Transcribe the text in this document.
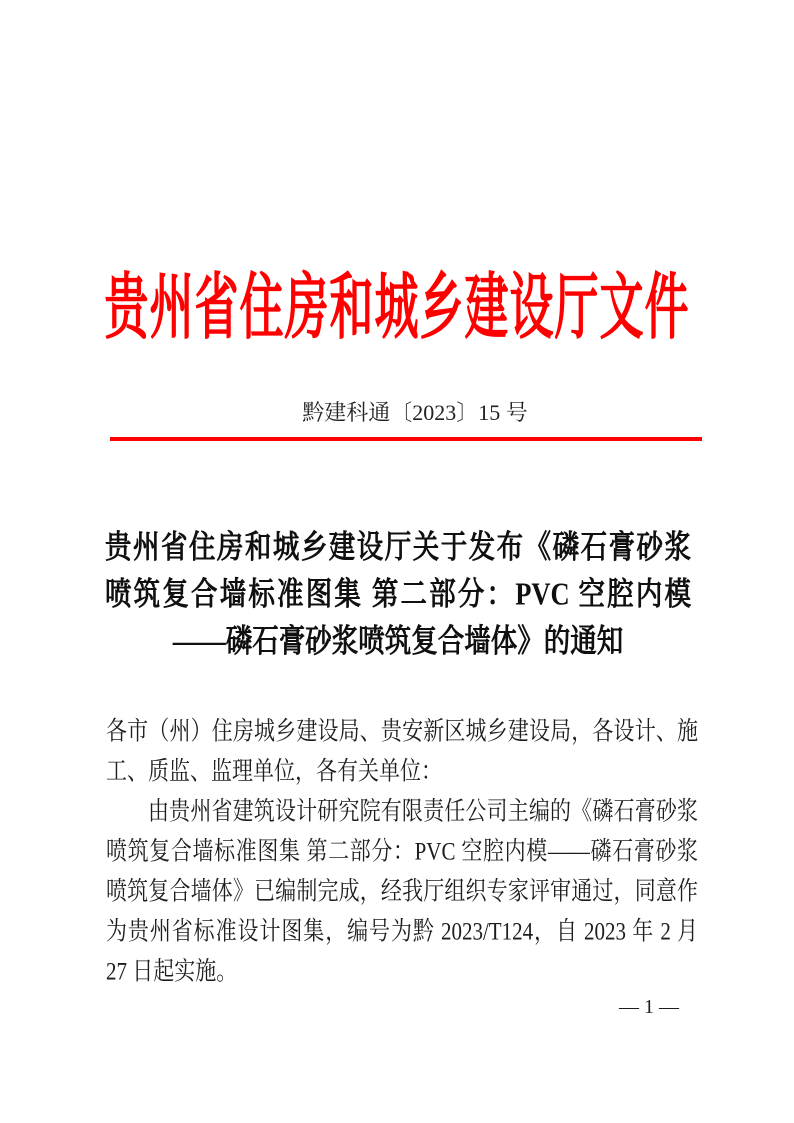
贵州省住房和城乡建设厅文件
黔建科通〔2023〕15 号
贵州省住房和城乡建设厅关于发布《磷石膏砂浆
喷筑复合墙标准图集 第二部分：PVC 空腔内模
——磷石膏砂浆喷筑复合墙体》的通知
各市（州）住房城乡建设局、贵安新区城乡建设局，各设计、施
工、质监、监理单位，各有关单位：
由贵州省建筑设计研究院有限责任公司主编的《磷石膏砂浆
喷筑复合墙标准图集 第二部分：PVC 空腔内模——磷石膏砂浆
喷筑复合墙体》已编制完成，经我厅组织专家评审通过，同意作
为贵州省标准设计图集，编号为黔 2023/T124，自 2023 年 2 月
27 日起实施。
— 1 —
